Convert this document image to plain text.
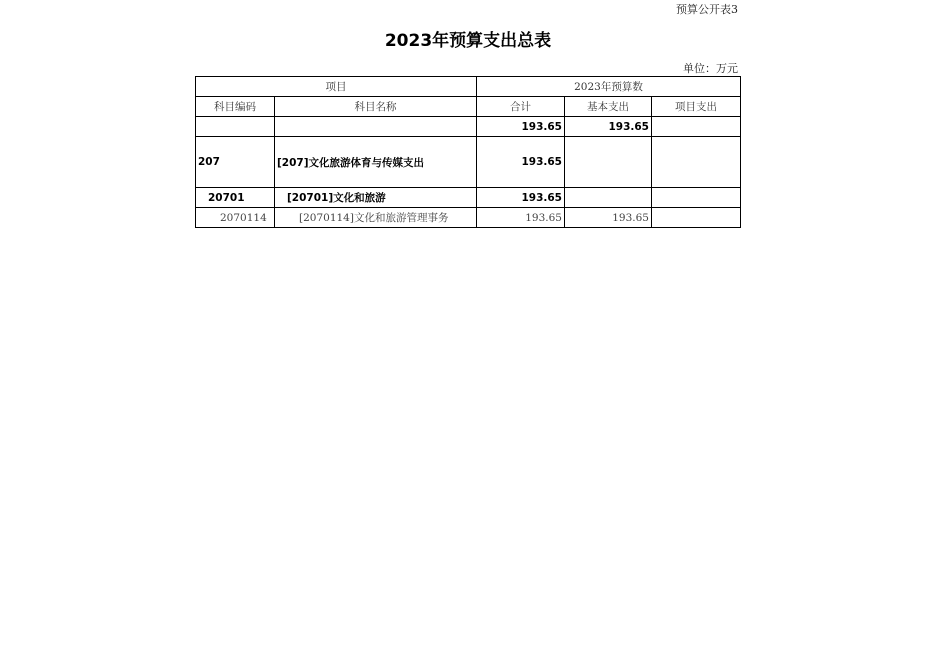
预算公开表3
2023年预算支出总表
单位：万元
项目		2023年预算数		
科目编码	科目名称	合计	基本支出	项目支出
		193.65	193.65	
207	[207]文化旅游体育与传媒支出	193.65		
20701	[20701]文化和旅游	193.65		
2070114	[2070114]文化和旅游管理事务	193.65	193.65	
